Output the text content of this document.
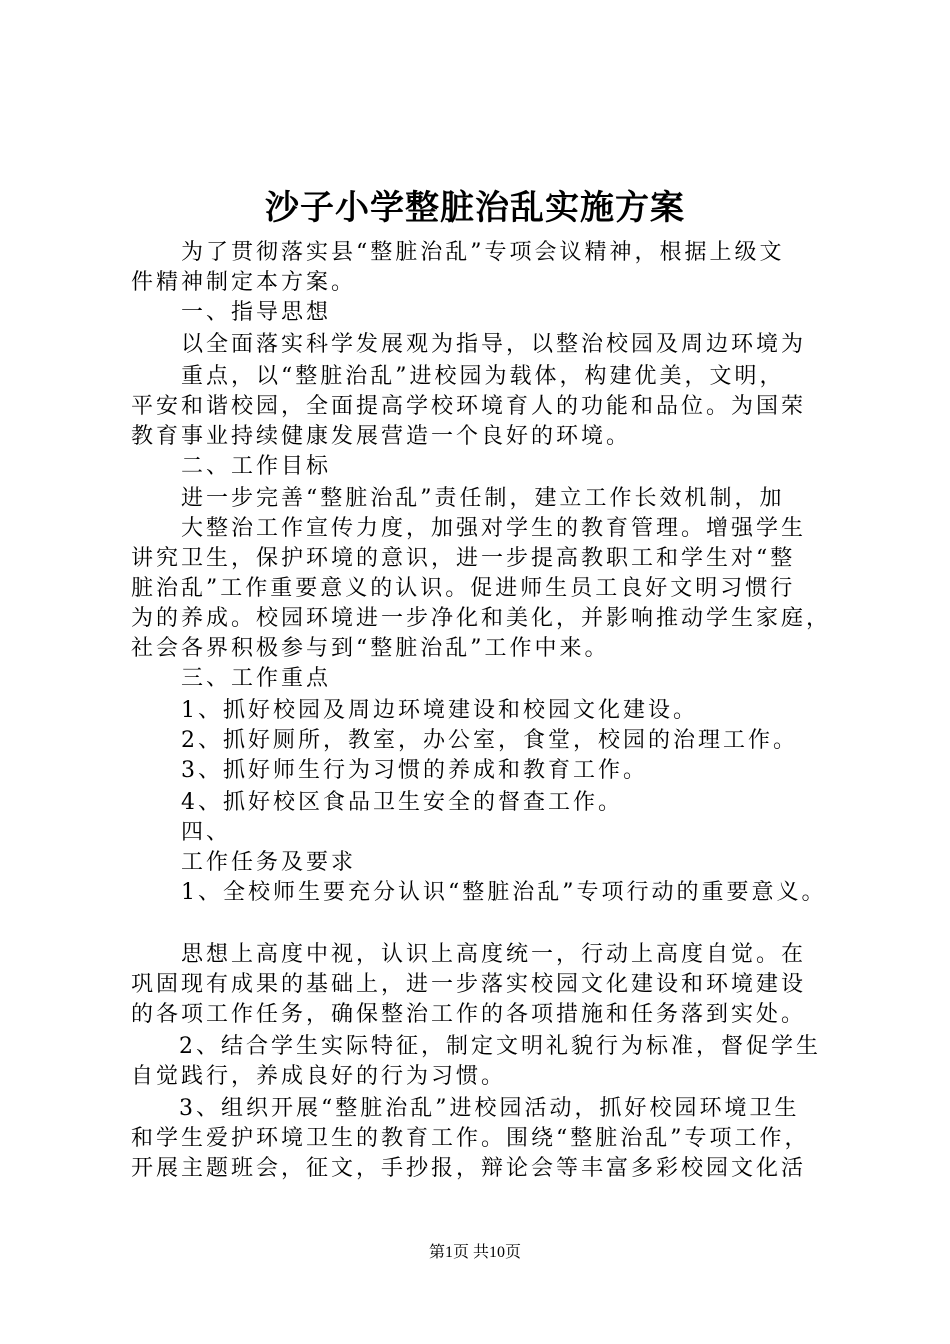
沙子小学整脏治乱实施方案
为了贯彻落实县“整脏治乱”专项会议精神，根据上级文
件精神制定本方案。
一、指导思想
以全面落实科学发展观为指导，以整治校园及周边环境为
重点，以“整脏治乱”进校园为载体，构建优美，文明，
平安和谐校园，全面提高学校环境育人的功能和品位。为国荣
教育事业持续健康发展营造一个良好的环境。
二、工作目标
进一步完善“整脏治乱”责任制，建立工作长效机制，加
大整治工作宣传力度，加强对学生的教育管理。增强学生
讲究卫生，保护环境的意识，进一步提高教职工和学生对“整
脏治乱”工作重要意义的认识。促进师生员工良好文明习惯行
为的养成。校园环境进一步净化和美化，并影响推动学生家庭，
社会各界积极参与到“整脏治乱”工作中来。
三、工作重点
1、抓好校园及周边环境建设和校园文化建设。
2、抓好厕所，教室，办公室，食堂，校园的治理工作。
3、抓好师生行为习惯的养成和教育工作。
4、抓好校区食品卫生安全的督查工作。
四、
工作任务及要求
1、全校师生要充分认识“整脏治乱”专项行动的重要意义。
思想上高度中视，认识上高度统一，行动上高度自觉。在
巩固现有成果的基础上，进一步落实校园文化建设和环境建设
的各项工作任务，确保整治工作的各项措施和任务落到实处。
2、结合学生实际特征，制定文明礼貌行为标准，督促学生
自觉践行，养成良好的行为习惯。
3、组织开展“整脏治乱”进校园活动，抓好校园环境卫生
和学生爱护环境卫生的教育工作。围绕“整脏治乱”专项工作，
开展主题班会，征文，手抄报，辩论会等丰富多彩校园文化活
第1页 共10页
